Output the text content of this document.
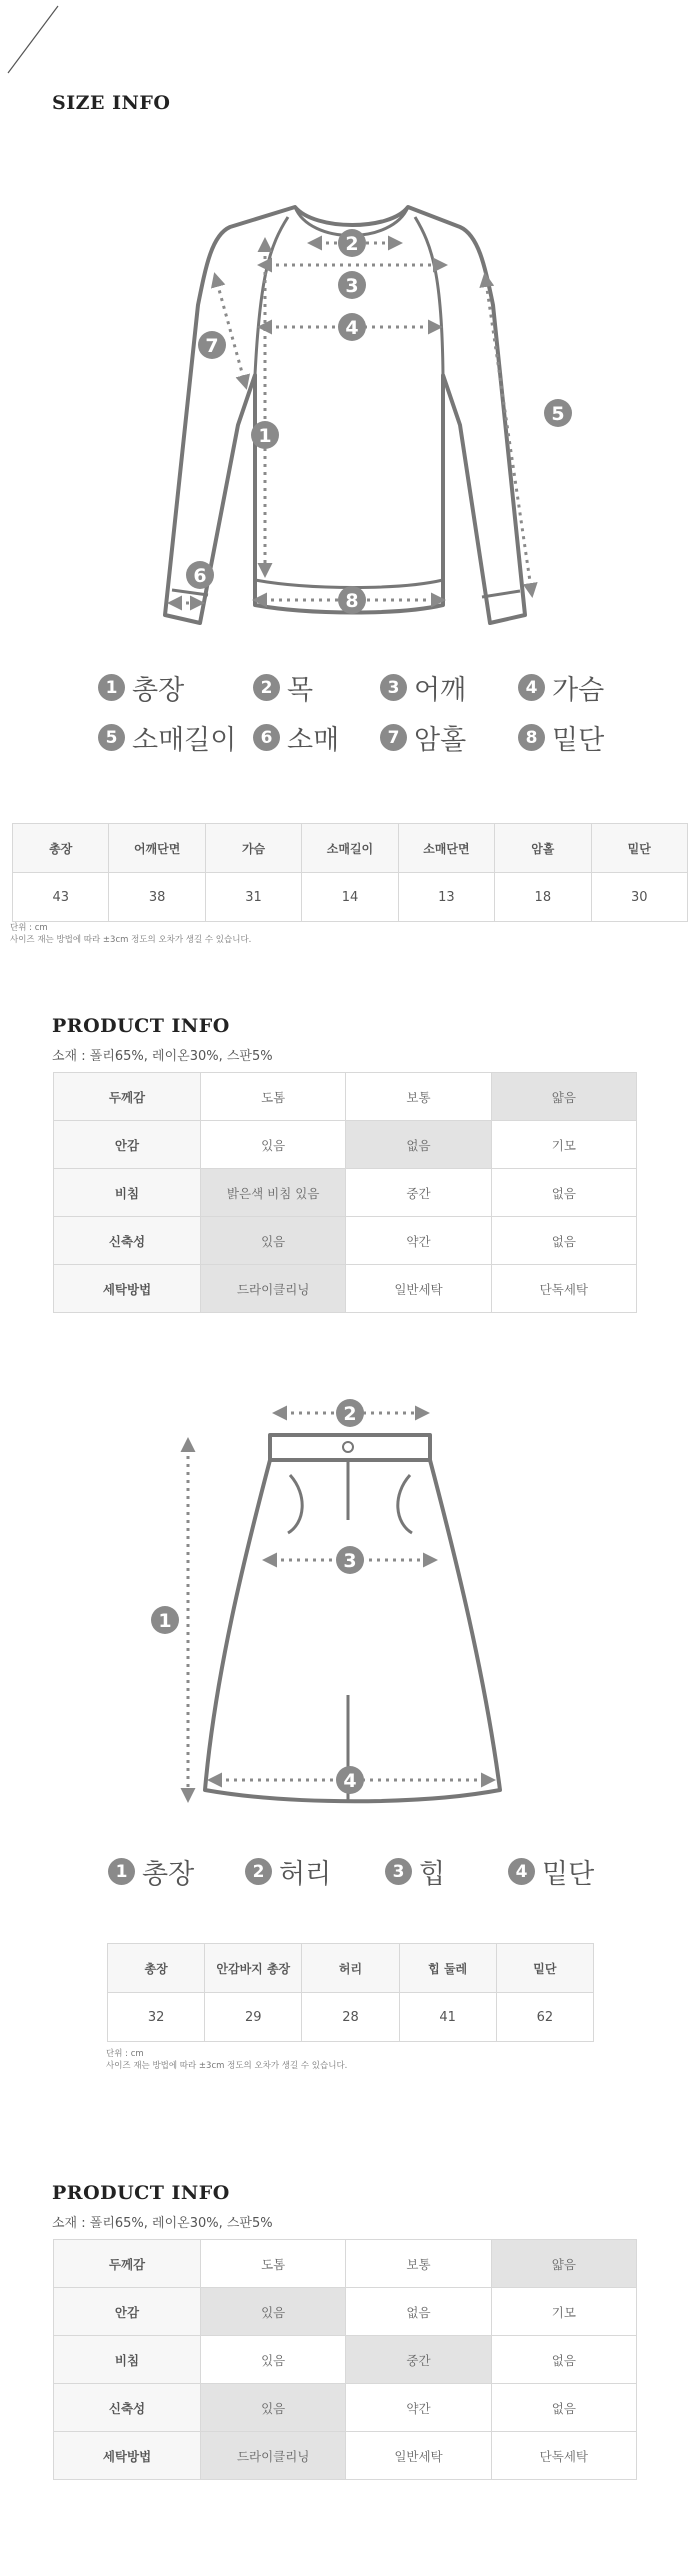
SIZE INFO
1
2
3
4
5
6
7
8
1 총장	2 목	3 어깨	4 가슴
5 소매길이	6 소매	7 암홀	8 밑단
총장	어깨단면	가슴	소매길이	소매단면	암홀	밑단
43	38	31	14	13	18	30
단위 : cm
사이즈 재는 방법에 따라 ±3cm 정도의 오차가 생길 수 있습니다.
PRODUCT INFO
소재 : 폴리65%, 레이온30%, 스판5%
두께감	도톰	보통	얇음
안감	있음	없음	기모
비침	밝은색 비침 있음	중간	없음
신축성	있음	약간	없음
세탁방법	드라이클리닝	일반세탁	단독세탁
1
2
3
4
1 총장	2 허리	3 힙	4 밑단
총장	안감바지 총장	허리	힙 둘레	밑단
32	29	28	41	62
단위 : cm
사이즈 재는 방법에 따라 ±3cm 정도의 오차가 생길 수 있습니다.
PRODUCT INFO
소재 : 폴리65%, 레이온30%, 스판5%
두께감	도톰	보통	얇음
안감	있음	없음	기모
비침	있음	중간	없음
신축성	있음	약간	없음
세탁방법	드라이클리닝	일반세탁	단독세탁
